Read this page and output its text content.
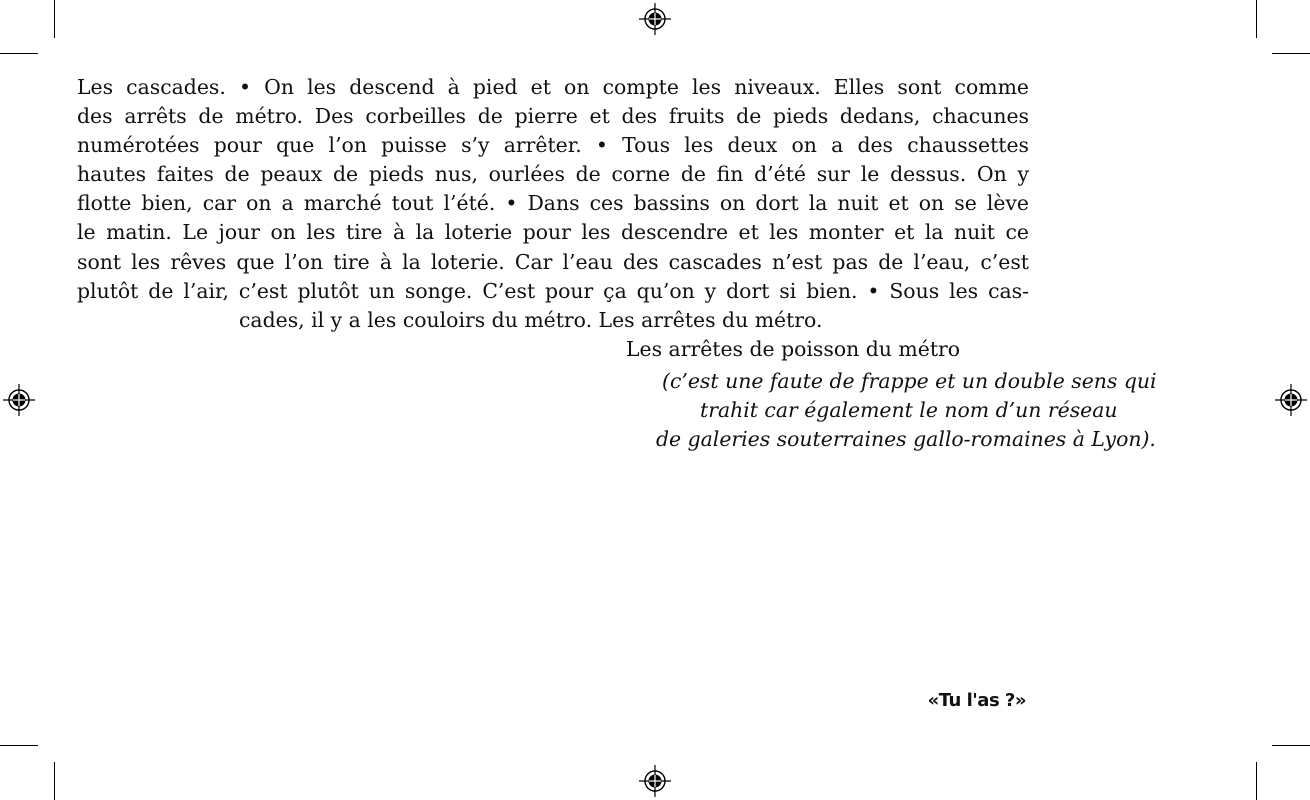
Les cascades. • On les descend à pied et on compte les niveaux. Elles sont comme
des arrêts de métro. Des corbeilles de pierre et des fruits de pieds dedans, chacunes
numérotées pour que l’on puisse s’y arrêter. • Tous les deux on a des chaussettes
hautes faites de peaux de pieds nus, ourlées de corne de fin d’été sur le dessus. On y
flotte bien, car on a marché tout l’été. • Dans ces bassins on dort la nuit et on se lève
le matin. Le jour on les tire à la loterie pour les descendre et les monter et la nuit ce
sont les rêves que l’on tire à la loterie. Car l’eau des cascades n’est pas de l’eau, c’est
plutôt de l’air, c’est plutôt un songe. C’est pour ça qu’on y dort si bien. • Sous les cas-
cades, il y a les couloirs du métro. Les arrêtes du métro.
Les arrêtes de poisson du métro

(c’est une faute de frappe et un double sens qui
trahit car également le nom d’un réseau
de galeries souterraines gallo-romaines à Lyon).

«Tu l'as ?»
